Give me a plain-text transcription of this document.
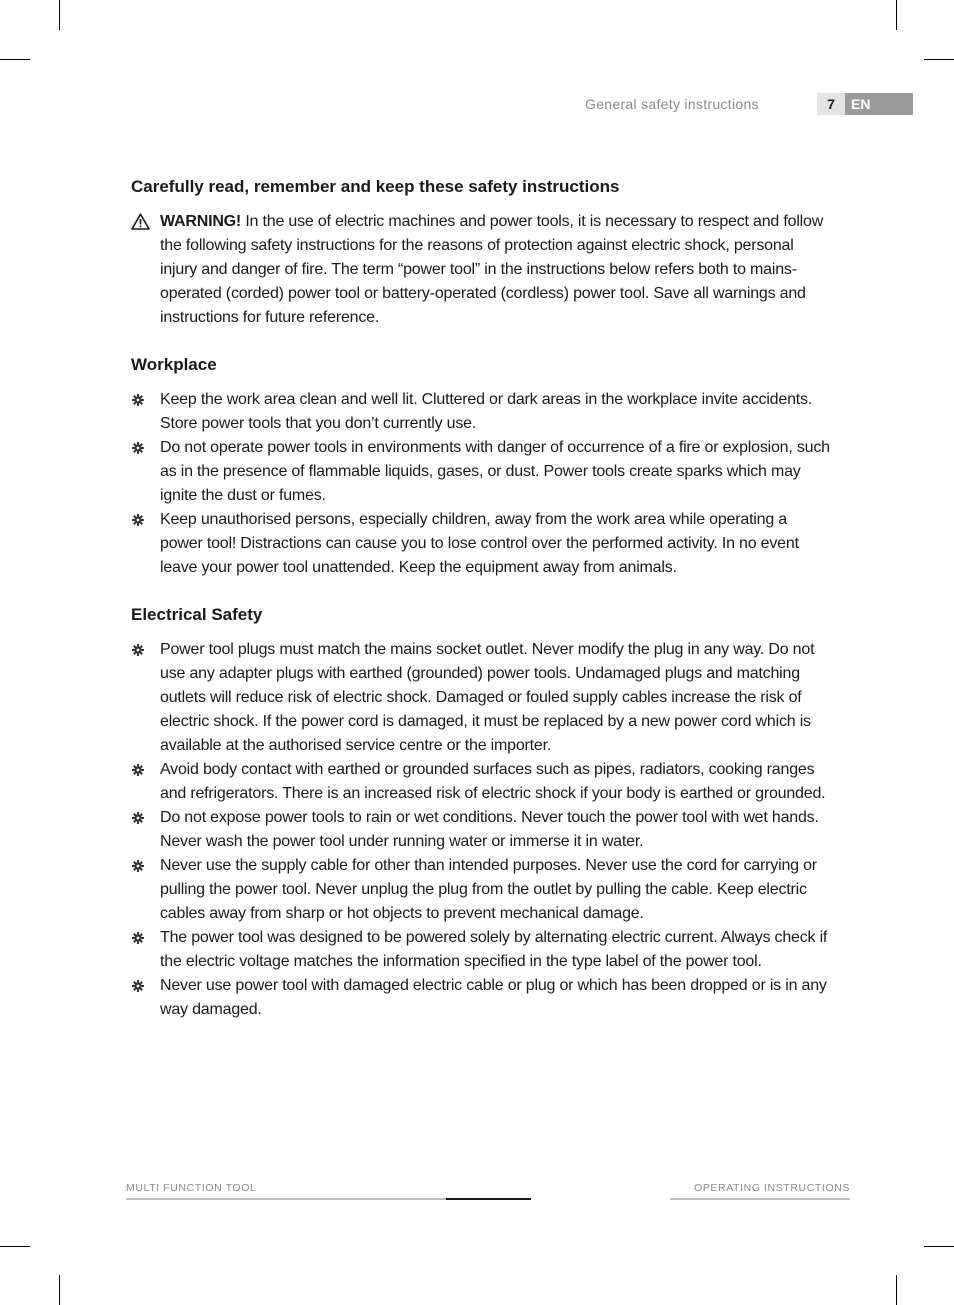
General safety instructions	7	EN
Carefully read, remember and keep these safety instructions
WARNING! In the use of electric machines and power tools, it is necessary to respect and follow the following safety instructions for the reasons of protection against electric shock, personal injury and danger of fire. The term “power tool” in the instructions below refers both to mains-operated (corded) power tool or battery-operated (cordless) power tool. Save all warnings and instructions for future reference.
Workplace
Keep the work area clean and well lit. Cluttered or dark areas in the workplace invite accidents. Store power tools that you don’t currently use.
Do not operate power tools in environments with danger of occurrence of a fire or explosion, such as in the presence of flammable liquids, gases, or dust. Power tools create sparks which may ignite the dust or fumes.
Keep unauthorised persons, especially children, away from the work area while operating a power tool! Distractions can cause you to lose control over the performed activity. In no event leave your power tool unattended. Keep the equipment away from animals.
Electrical Safety
Power tool plugs must match the mains socket outlet. Never modify the plug in any way. Do not use any adapter plugs with earthed (grounded) power tools. Undamaged plugs and matching outlets will reduce risk of electric shock. Damaged or fouled supply cables increase the risk of electric shock. If the power cord is damaged, it must be replaced by a new power cord which is available at the authorised service centre or the importer.
Avoid body contact with earthed or grounded surfaces such as pipes, radiators, cooking ranges and refrigerators. There is an increased risk of electric shock if your body is earthed or grounded.
Do not expose power tools to rain or wet conditions. Never touch the power tool with wet hands. Never wash the power tool under running water or immerse it in water.
Never use the supply cable for other than intended purposes. Never use the cord for carrying or pulling the power tool. Never unplug the plug from the outlet by pulling the cable. Keep electric cables away from sharp or hot objects to prevent mechanical damage.
The power tool was designed to be powered solely by alternating electric current. Always check if the electric voltage matches the information specified in the type label of the power tool.
Never use power tool with damaged electric cable or plug or which has been dropped or is in any way damaged.
MULTI FUNCTION TOOL	OPERATING INSTRUCTIONS
